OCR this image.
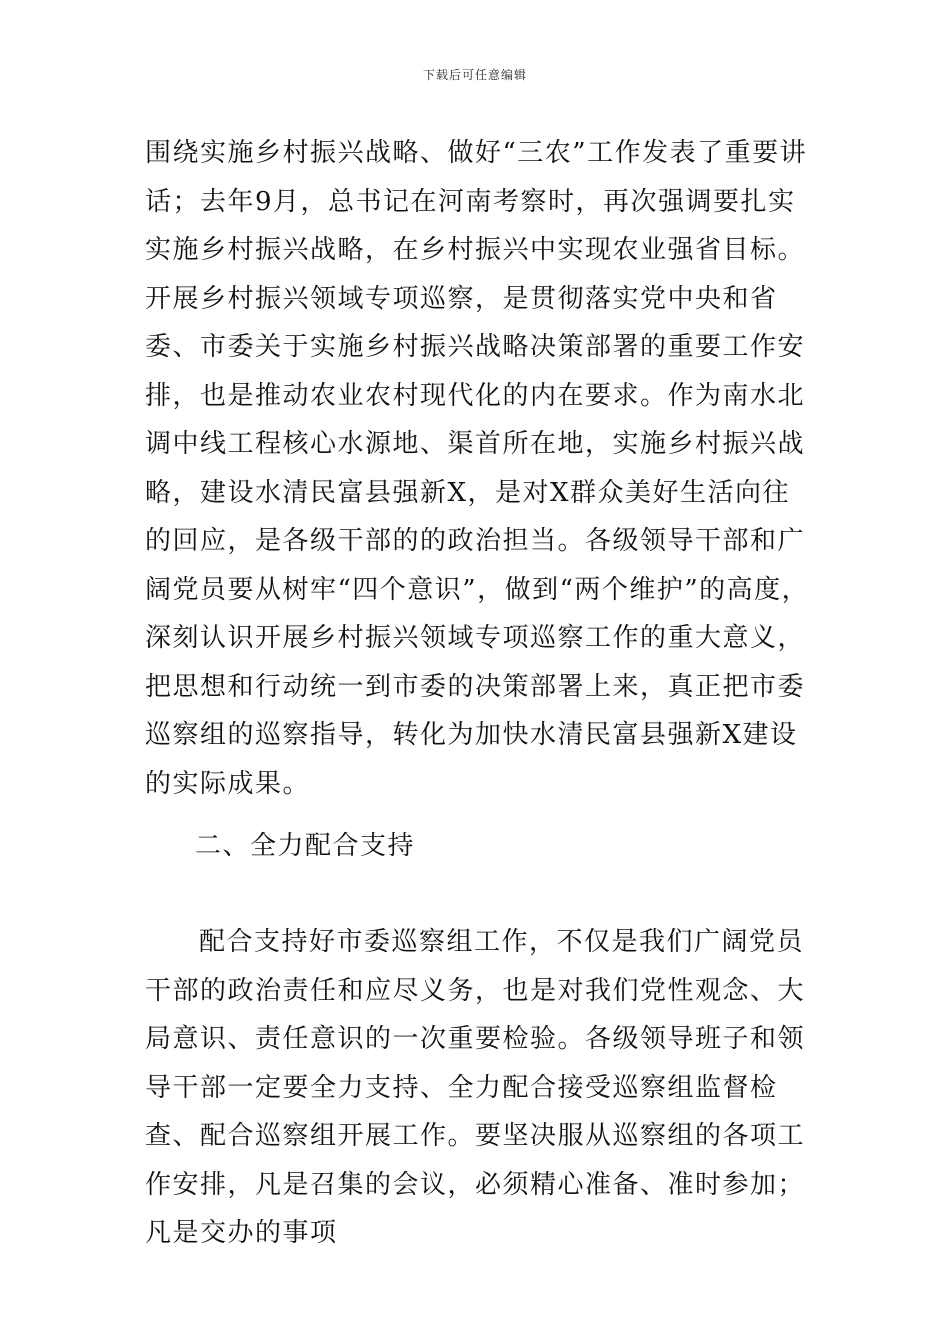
下载后可任意编辑
围绕实施乡村振兴战略、做好“三农”工作发表了重要讲话；去年9月，总书记在河南考察时，再次强调要扎实实施乡村振兴战略，在乡村振兴中实现农业强省目标。开展乡村振兴领域专项巡察，是贯彻落实党中央和省委、市委关于实施乡村振兴战略决策部署的重要工作安排，也是推动农业农村现代化的内在要求。作为南水北调中线工程核心水源地、渠首所在地，实施乡村振兴战略，建设水清民富县强新X，是对X群众美好生活向往的回应，是各级干部的的政治担当。各级领导干部和广阔党员要从树牢“四个意识”，做到“两个维护”的高度，深刻认识开展乡村振兴领域专项巡察工作的重大意义，把思想和行动统一到市委的决策部署上来，真正把市委巡察组的巡察指导，转化为加快水清民富县强新X建设的实际成果。
二、全力配合支持
配合支持好市委巡察组工作，不仅是我们广阔党员干部的政治责任和应尽义务，也是对我们党性观念、大局意识、责任意识的一次重要检验。各级领导班子和领导干部一定要全力支持、全力配合接受巡察组监督检查、配合巡察组开展工作。要坚决服从巡察组的各项工作安排，凡是召集的会议，必须精心准备、准时参加；凡是交办的事项
